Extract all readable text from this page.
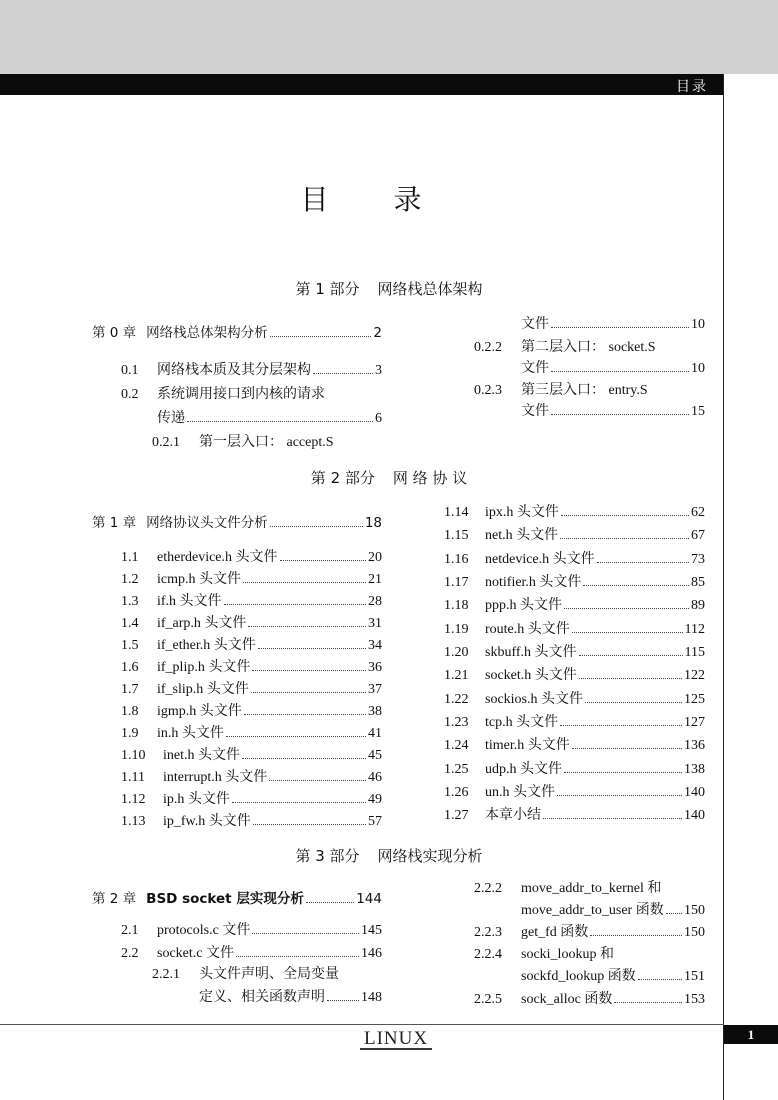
目录
目 录
第 1 部分 网络栈总体架构
第 2 部分 网 络 协 议
第 3 部分 网络栈实现分析
第 0 章 网络栈总体架构分析	2
0.1	网络栈本质及其分层架构	3
0.2 系统调用接口到内核的请求
传递	6
0.2.1 第一层入口： accept.S
文件	10
0.2.2 第二层入口： socket.S
文件	10
0.2.3 第三层入口： entry.S
文件	15
第 1 章 网络协议头文件分析	18
1.1	etherdevice.h 头文件	20
1.2	icmp.h 头文件	21
1.3	if.h 头文件	28
1.4	if_arp.h 头文件	31
1.5	if_ether.h 头文件	34
1.6	if_plip.h 头文件	36
1.7	if_slip.h 头文件	37
1.8	igmp.h 头文件	38
1.9	in.h 头文件	41
1.10	inet.h 头文件	45
1.11	interrupt.h 头文件	46
1.12	ip.h 头文件	49
1.13	ip_fw.h 头文件	57
1.14	ipx.h 头文件	62
1.15	net.h 头文件	67
1.16	netdevice.h 头文件	73
1.17	notifier.h 头文件	85
1.18	ppp.h 头文件	89
1.19	route.h 头文件	112
1.20	skbuff.h 头文件	115
1.21	socket.h 头文件	122
1.22	sockios.h 头文件	125
1.23	tcp.h 头文件	127
1.24	timer.h 头文件	136
1.25	udp.h 头文件	138
1.26	un.h 头文件	140
1.27	本章小结	140
第 2 章 BSD socket 层实现分析	144
2.1	protocols.c 文件	145
2.2	socket.c 文件	146
2.2.1 头文件声明、全局变量
定义、相关函数声明	148
2.2.2 move_addr_to_kernel 和
move_addr_to_user 函数 150
2.2.3	get_fd 函数	150
2.2.4 socki_lookup 和
sockfd_lookup 函数	151
2.2.5	sock_alloc 函数	153
LINUX	1
